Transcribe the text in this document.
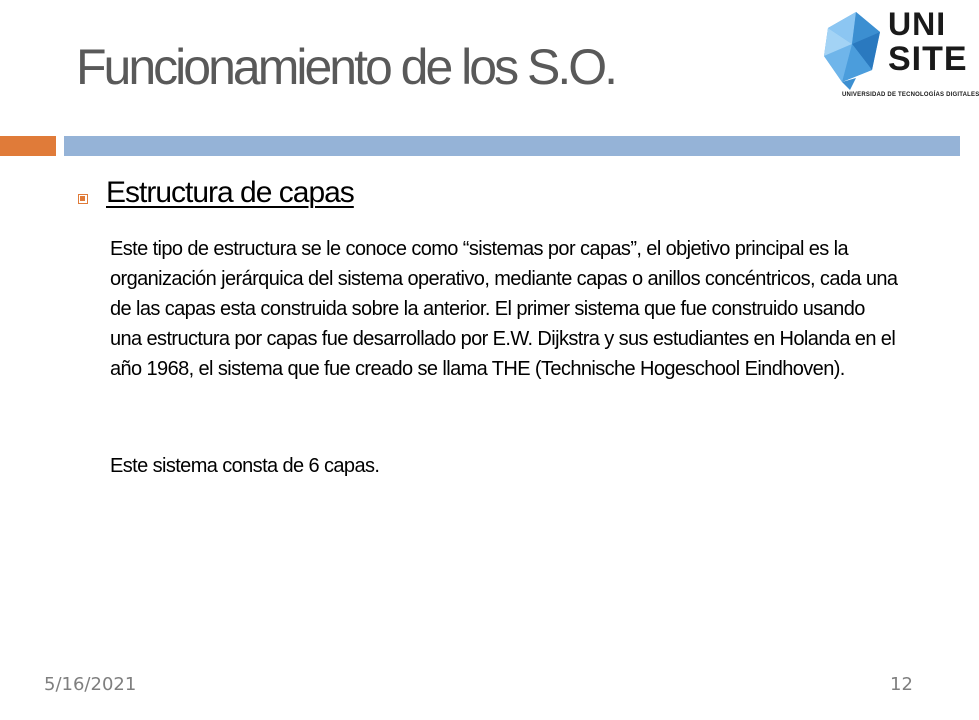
Funcionamiento de los S.O.
UNI
SITE
UNIVERSIDAD DE TECNOLOGÍAS DIGITALES
Estructura de capas

Este tipo de estructura se le conoce como “sistemas por capas”, el objetivo principal es la organización jerárquica del sistema operativo, mediante capas o anillos concéntricos, cada una de las capas esta construida sobre la anterior. El primer sistema que fue construido usando una estructura por capas fue desarrollado por E.W. Dijkstra y sus estudiantes en Holanda en el año 1968, el sistema que fue creado se llama THE (Technische Hogeschool Eindhoven).

Este sistema consta de 6 capas.

5/16/2021	12
